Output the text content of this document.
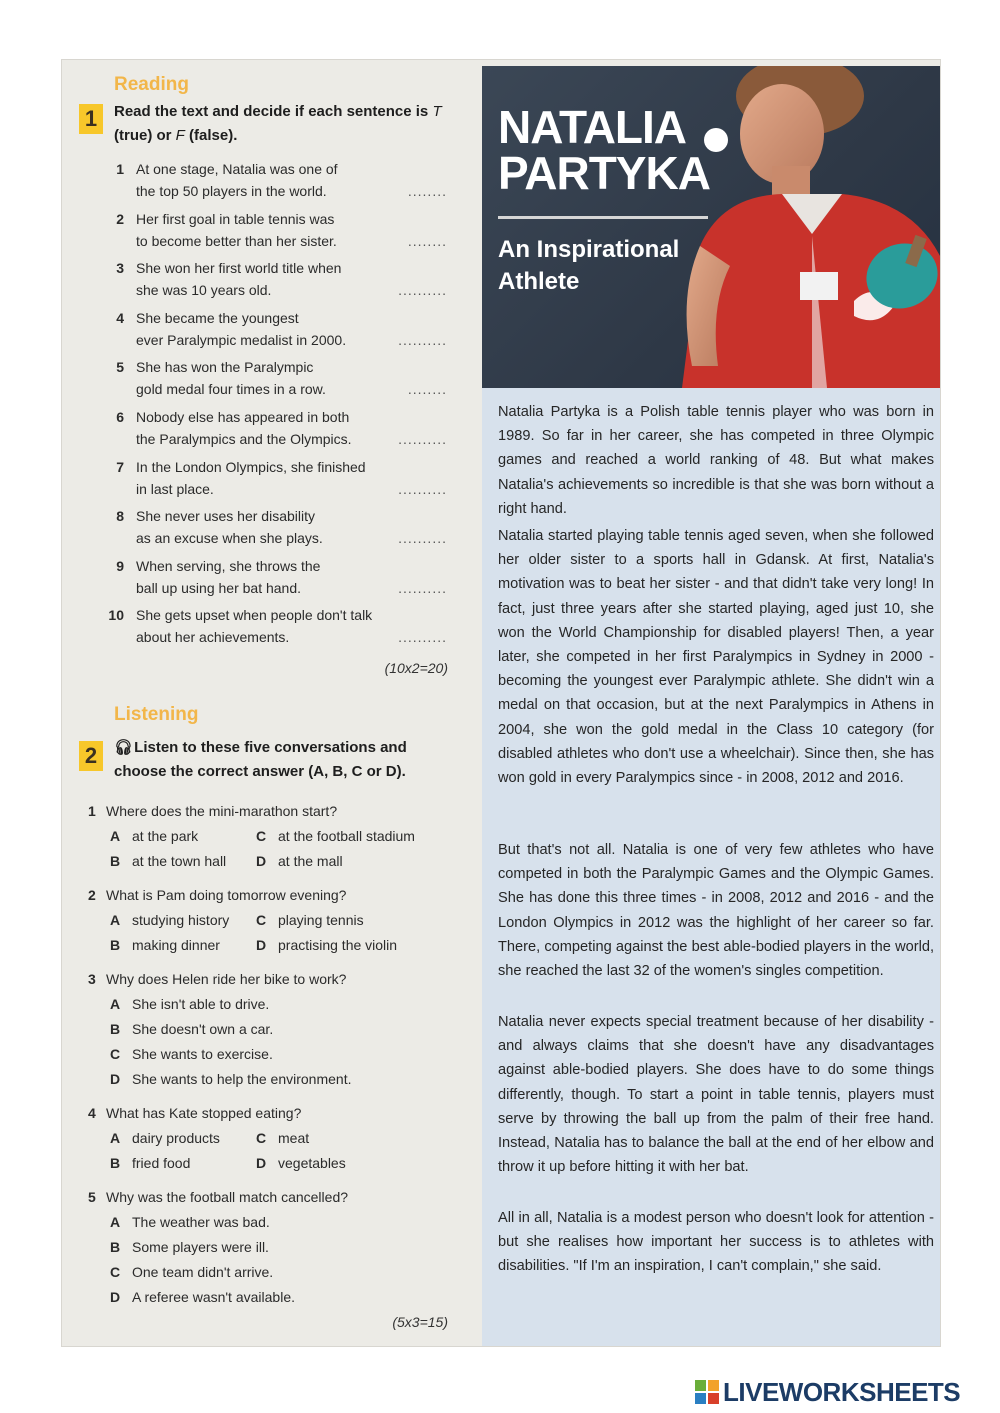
Reading
1	Read the text and decide if each sentence is T (true) or F (false).
1 At one stage, Natalia was one of
the top 50 players in the world.	........
2 Her first goal in table tennis was
to become better than her sister.	........
3 She won her first world title when
she was 10 years old.	..........
4 She became the youngest
ever Paralympic medalist in 2000.	..........
5 She has won the Paralympic
gold medal four times in a row.	........
6 Nobody else has appeared in both
the Paralympics and the Olympics.	..........
7 In the London Olympics, she finished
in last place.	..........
8 She never uses her disability
as an excuse when she plays.	..........
9 When serving, she throws the
ball up using her bat hand.	..........
10 She gets upset when people don't talk
about her achievements.	..........
(10x2=20)
Listening
2	🎧︎ Listen to these five conversations and
choose the correct answer (A, B, C or D).
1 Where does the mini-marathon start?
A at the park	C at the football stadium
B at the town hall D at the mall
2 What is Pam doing tomorrow evening?
A studying history C playing tennis
B making dinner	D practising the violin
3 Why does Helen ride her bike to work?
A She isn't able to drive.
B She doesn't own a car.
C She wants to exercise.
D She wants to help the environment.
4 What has Kate stopped eating?
A dairy products	C meat
B fried food	D vegetables
5 Why was the football match cancelled?
A The weather was bad.
B Some players were ill.
C One team didn't arrive.
D A referee wasn't available.
(5x3=15)
NATALIA
PARTYKA
An Inspirational
Athlete
Natalia Partyka is a Polish table tennis player who was born in 1989. So far in her career, she has competed in three Olympic games and reached a world ranking of 48. But what makes Natalia's achievements so incredible is that she was born without a right hand.
Natalia started playing table tennis aged seven, when she followed her older sister to a sports hall in Gdansk. At first, Natalia's motivation was to beat her sister - and that didn't take very long! In fact, just three years after she started playing, aged just 10, she won the World Championship for disabled players! Then, a year later, she competed in her first Paralympics in Sydney in 2000 - becoming the youngest ever Paralympic athlete. She didn't win a medal on that occasion, but at the next Paralympics in Athens in 2004, she won the gold medal in the Class 10 category (for disabled athletes who don't use a wheelchair). Since then, she has won gold in every Paralympics since - in 2008, 2012 and 2016.
But that's not all. Natalia is one of very few athletes who have competed in both the Paralympic Games and the Olympic Games. She has done this three times - in 2008, 2012 and 2016 - and the London Olympics in 2012 was the highlight of her career so far. There, competing against the best able-bodied players in the world, she reached the last 32 of the women's singles competition.
Natalia never expects special treatment because of her disability - and always claims that she doesn't have any disadvantages against able-bodied players. She does have to do some things differently, though. To start a point in table tennis, players must serve by throwing the ball up from the palm of their free hand. Instead, Natalia has to balance the ball at the end of her elbow and throw it up before hitting it with her bat.
All in all, Natalia is a modest person who doesn't look for attention - but she realises how important her success is to athletes with disabilities. "If I'm an inspiration, I can't complain," she said.
LIVEWORKSHEETS
